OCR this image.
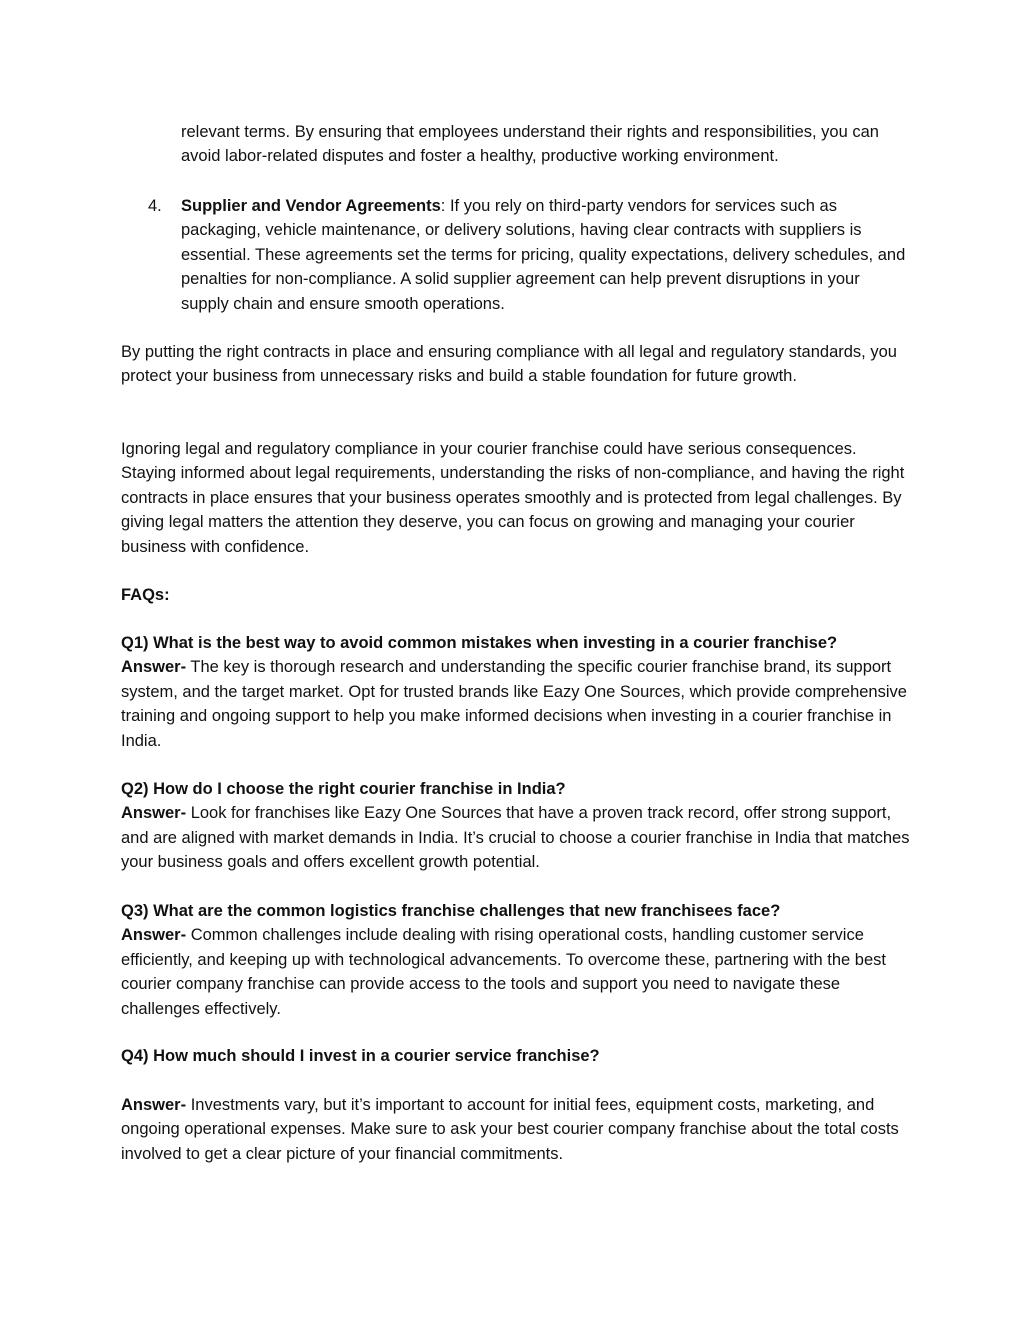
relevant terms. By ensuring that employees understand their rights and responsibilities, you can avoid labor-related disputes and foster a healthy, productive working environment.
4. Supplier and Vendor Agreements: If you rely on third-party vendors for services such as packaging, vehicle maintenance, or delivery solutions, having clear contracts with suppliers is essential. These agreements set the terms for pricing, quality expectations, delivery schedules, and penalties for non-compliance. A solid supplier agreement can help prevent disruptions in your supply chain and ensure smooth operations.
By putting the right contracts in place and ensuring compliance with all legal and regulatory standards, you protect your business from unnecessary risks and build a stable foundation for future growth.
Ignoring legal and regulatory compliance in your courier franchise could have serious consequences. Staying informed about legal requirements, understanding the risks of non-compliance, and having the right contracts in place ensures that your business operates smoothly and is protected from legal challenges. By giving legal matters the attention they deserve, you can focus on growing and managing your courier business with confidence.
FAQs:
Q1) What is the best way to avoid common mistakes when investing in a courier franchise?
Answer- The key is thorough research and understanding the specific courier franchise brand, its support system, and the target market. Opt for trusted brands like Eazy One Sources, which provide comprehensive training and ongoing support to help you make informed decisions when investing in a courier franchise in India.
Q2) How do I choose the right courier franchise in India?
Answer- Look for franchises like Eazy One Sources that have a proven track record, offer strong support, and are aligned with market demands in India. It’s crucial to choose a courier franchise in India that matches your business goals and offers excellent growth potential.
Q3) What are the common logistics franchise challenges that new franchisees face?
Answer- Common challenges include dealing with rising operational costs, handling customer service efficiently, and keeping up with technological advancements. To overcome these, partnering with the best courier company franchise can provide access to the tools and support you need to navigate these challenges effectively.
Q4) How much should I invest in a courier service franchise?
Answer- Investments vary, but it’s important to account for initial fees, equipment costs, marketing, and ongoing operational expenses. Make sure to ask your best courier company franchise about the total costs involved to get a clear picture of your financial commitments.
